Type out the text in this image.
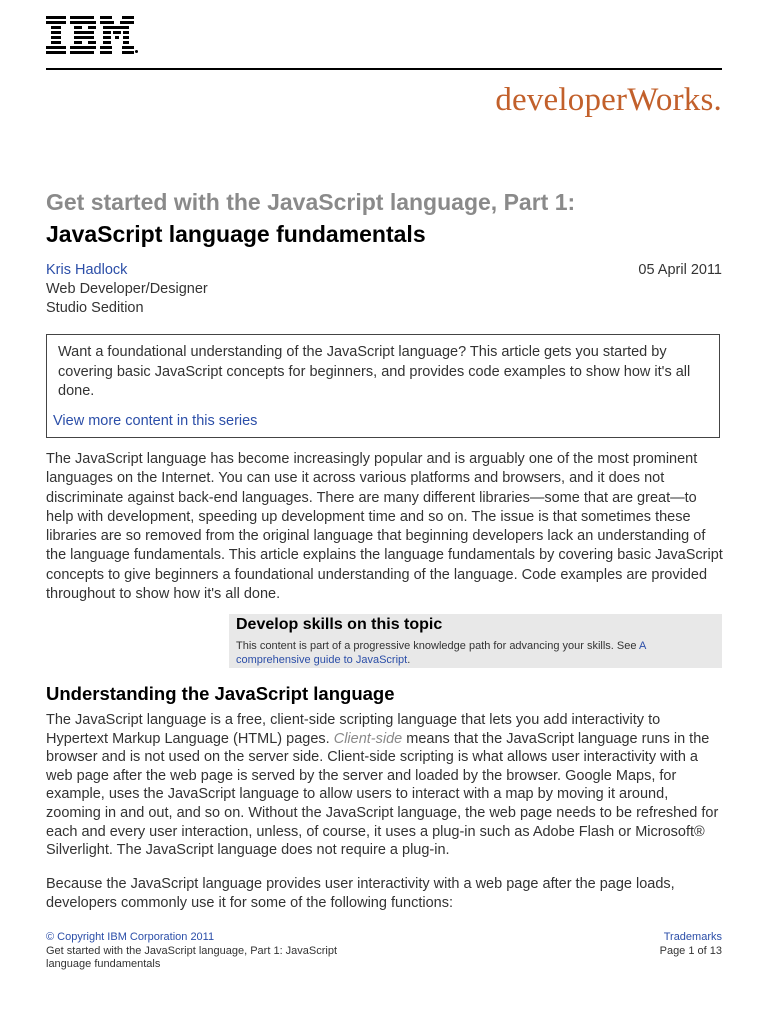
developerWorks.
Get started with the JavaScript language, Part 1:
JavaScript language fundamentals
Kris Hadlock
Web Developer/Designer
Studio Sedition
05 April 2011
Want a foundational understanding of the JavaScript language? This article gets you started by covering basic JavaScript concepts for beginners, and provides code examples to show how it's all done.
View more content in this series
The JavaScript language has become increasingly popular and is arguably one of the most prominent languages on the Internet. You can use it across various platforms and browsers, and it does not discriminate against back-end languages. There are many different libraries—some that are great—to help with development, speeding up development time and so on. The issue is that sometimes these libraries are so removed from the original language that beginning developers lack an understanding of the language fundamentals. This article explains the language fundamentals by covering basic JavaScript concepts to give beginners a foundational understanding of the language. Code examples are provided throughout to show how it's all done.
Develop skills on this topic
This content is part of a progressive knowledge path for advancing your skills. See A comprehensive guide to JavaScript.
Understanding the JavaScript language
The JavaScript language is a free, client-side scripting language that lets you add interactivity to Hypertext Markup Language (HTML) pages. Client-side means that the JavaScript language runs in the browser and is not used on the server side. Client-side scripting is what allows user interactivity with a web page after the web page is served by the server and loaded by the browser. Google Maps, for example, uses the JavaScript language to allow users to interact with a map by moving it around, zooming in and out, and so on. Without the JavaScript language, the web page needs to be refreshed for each and every user interaction, unless, of course, it uses a plug-in such as Adobe Flash or Microsoft® Silverlight. The JavaScript language does not require a plug-in.
Because the JavaScript language provides user interactivity with a web page after the page loads, developers commonly use it for some of the following functions:
© Copyright IBM Corporation 2011
Get started with the JavaScript language, Part 1: JavaScript language fundamentals
Trademarks
Page 1 of 13
